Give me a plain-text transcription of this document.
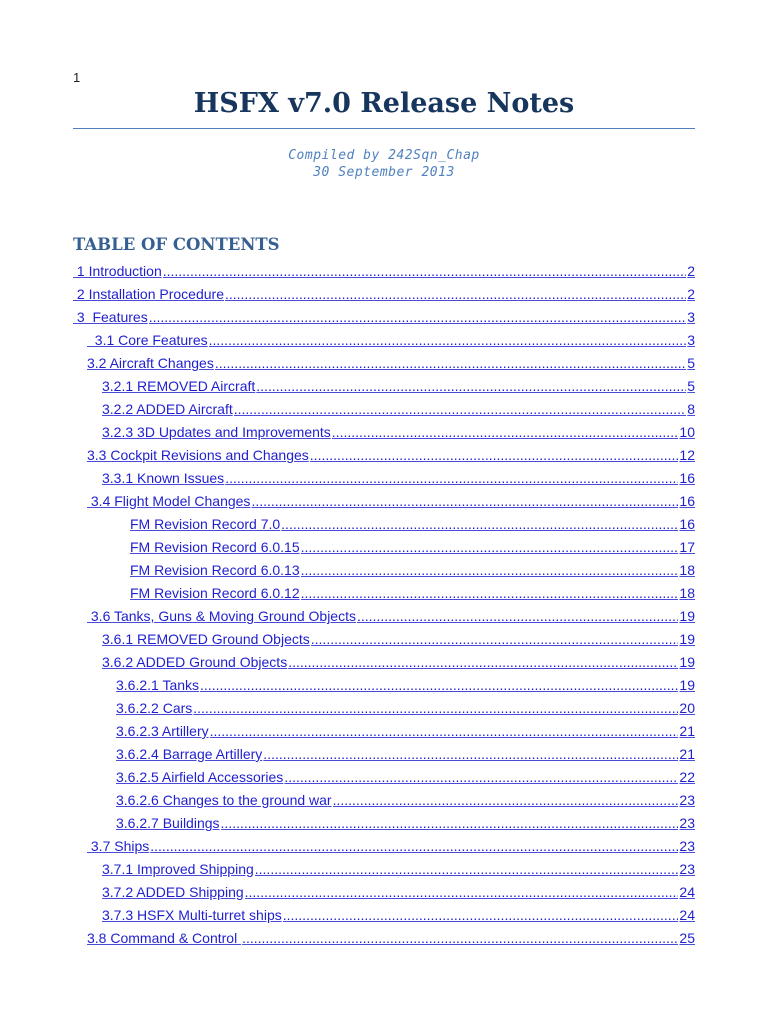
1
HSFX v7.0 Release Notes
Compiled by 242Sqn_Chap
30 September 2013
TABLE OF CONTENTS
1 Introduction .....	2
2 Installation Procedure .....	2
3  Features .....	3
3.1 Core Features .....	3
3.2 Aircraft Changes .....	5
3.2.1 REMOVED Aircraft .....	5
3.2.2 ADDED Aircraft .....	8
3.2.3 3D Updates and Improvements .....	10
3.3 Cockpit Revisions and Changes .....	12
3.3.1 Known Issues .....	16
3.4 Flight Model Changes .....	16
FM Revision Record 7.0 .....	16
FM Revision Record 6.0.15 .....	17
FM Revision Record 6.0.13 .....	18
FM Revision Record 6.0.12 .....	18
3.6 Tanks, Guns & Moving Ground Objects .....	19
3.6.1 REMOVED Ground Objects .....	19
3.6.2 ADDED Ground Objects .....	19
3.6.2.1 Tanks .....	19
3.6.2.2 Cars .....	20
3.6.2.3 Artillery .....	21
3.6.2.4 Barrage Artillery .....	21
3.6.2.5 Airfield Accessories .....	22
3.6.2.6 Changes to the ground war .....	23
3.6.2.7 Buildings .....	23
3.7 Ships .....	23
3.7.1 Improved Shipping .....	23
3.7.2 ADDED Shipping .....	24
3.7.3 HSFX Multi-turret ships .....	24
3.8 Command & Control .....	25
